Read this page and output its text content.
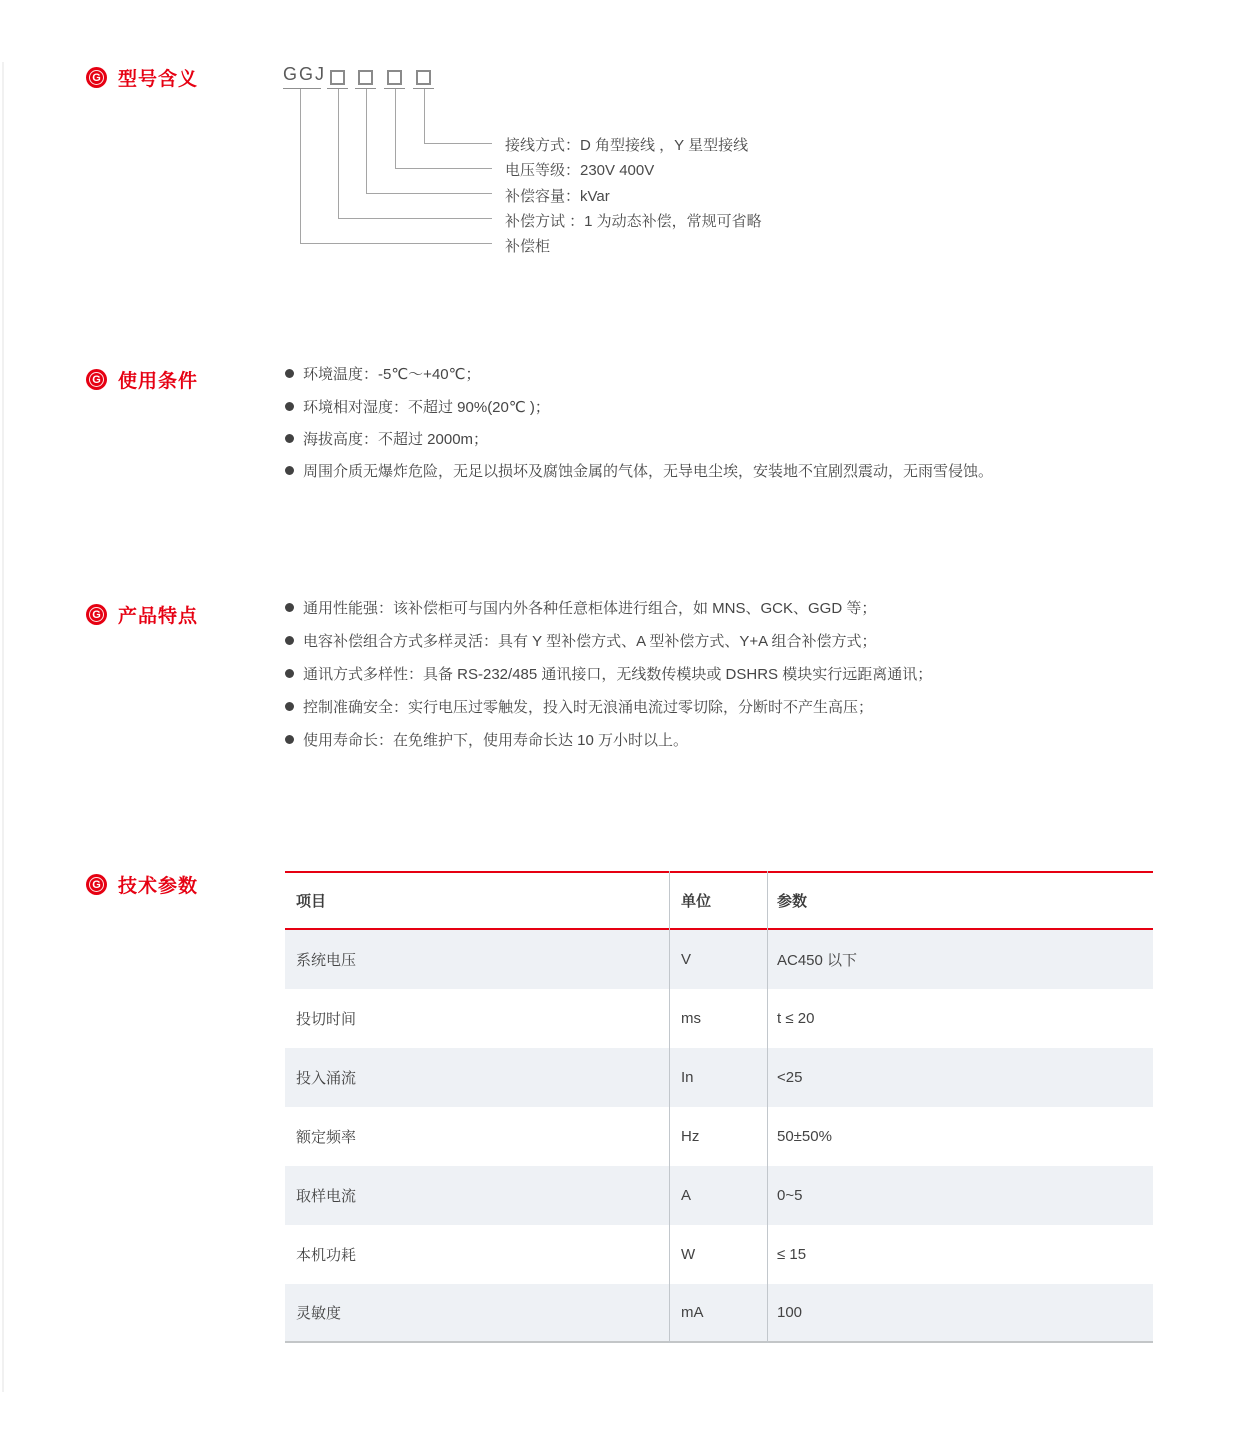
G 型号含义	GGJ
接线方式：D 角型接线 ，Y 星型接线
电压等级：230V 400V
补偿容量：kVar
补偿方试 ：1 为动态补偿，常规可省略
补偿柜
G 使用条件	环境温度：-5℃～+40℃；
环境相对湿度：不超过 90%(20℃ )；
海拔高度：不超过 2000m；
周围介质无爆炸危险，无足以损坏及腐蚀金属的气体，无导电尘埃，安装地不宜剧烈震动，无雨雪侵蚀。
G 产品特点	通用性能强：该补偿柜可与国内外各种任意柜体进行组合，如 MNS、GCK、GGD 等；
电容补偿组合方式多样灵活：具有 Y 型补偿方式、A 型补偿方式、Y+A 组合补偿方式；
通讯方式多样性：具备 RS-232/485 通讯接口，无线数传模块或 DSHRS 模块实行远距离通讯；
控制准确安全：实行电压过零触发，投入时无浪涌电流过零切除，分断时不产生高压；
使用寿命长：在免维护下，使用寿命长达 10 万小时以上。
G 技术参数
项目	单位	参数
系统电压	V	AC450 以下
投切时间	ms	t ≤ 20
投入涌流	In	<25
额定频率	Hz	50±50%
取样电流	A	0~5
本机功耗	W	≤ 15
灵敏度	mA	100
